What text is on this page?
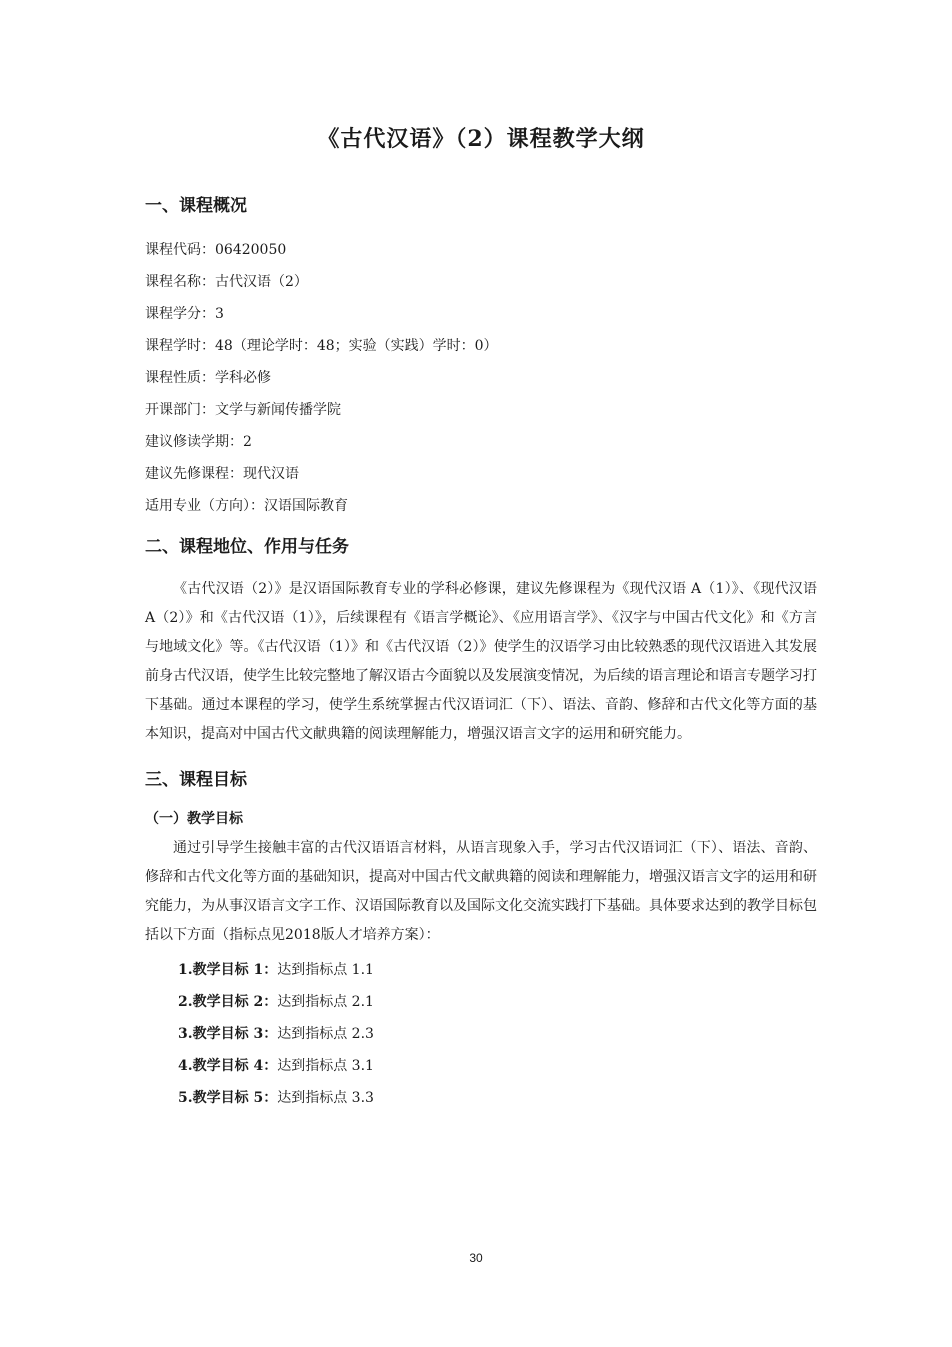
《古代汉语》（2）课程教学大纲
一、课程概况
课程代码：06420050
课程名称：古代汉语（2）
课程学分：3
课程学时：48（理论学时：48；实验（实践）学时：0）
课程性质：学科必修
开课部门：文学与新闻传播学院
建议修读学期：2
建议先修课程：现代汉语
适用专业（方向）：汉语国际教育
二、课程地位、作用与任务

《古代汉语（2）》是汉语国际教育专业的学科必修课，建议先修课程为《现代汉语 A（1）》、《现代汉语 A（2）》和《古代汉语（1）》，后续课程有《语言学概论》、《应用语言学》、《汉字与中国古代文化》和《方言与地域文化》等。《古代汉语（1）》和《古代汉语（2）》使学生的汉语学习由比较熟悉的现代汉语进入其发展前身古代汉语，使学生比较完整地了解汉语古今面貌以及发展演变情况，为后续的语言理论和语言专题学习打下基础。通过本课程的学习，使学生系统掌握古代汉语词汇（下）、语法、音韵、修辞和古代文化等方面的基本知识，提高对中国古代文献典籍的阅读理解能力，增强汉语言文字的运用和研究能力。

三、课程目标
（一）教学目标

通过引导学生接触丰富的古代汉语语言材料，从语言现象入手，学习古代汉语词汇（下）、语法、音韵、修辞和古代文化等方面的基础知识，提高对中国古代文献典籍的阅读和理解能力，增强汉语言文字的运用和研究能力，为从事汉语言文字工作、汉语国际教育以及国际文化交流实践打下基础。具体要求达到的教学目标包括以下方面（指标点见2018版人才培养方案）：

1.教学目标 1：达到指标点 1.1
2.教学目标 2：达到指标点 2.1
3.教学目标 3：达到指标点 2.3
4.教学目标 4：达到指标点 3.1
5.教学目标 5：达到指标点 3.3
30
